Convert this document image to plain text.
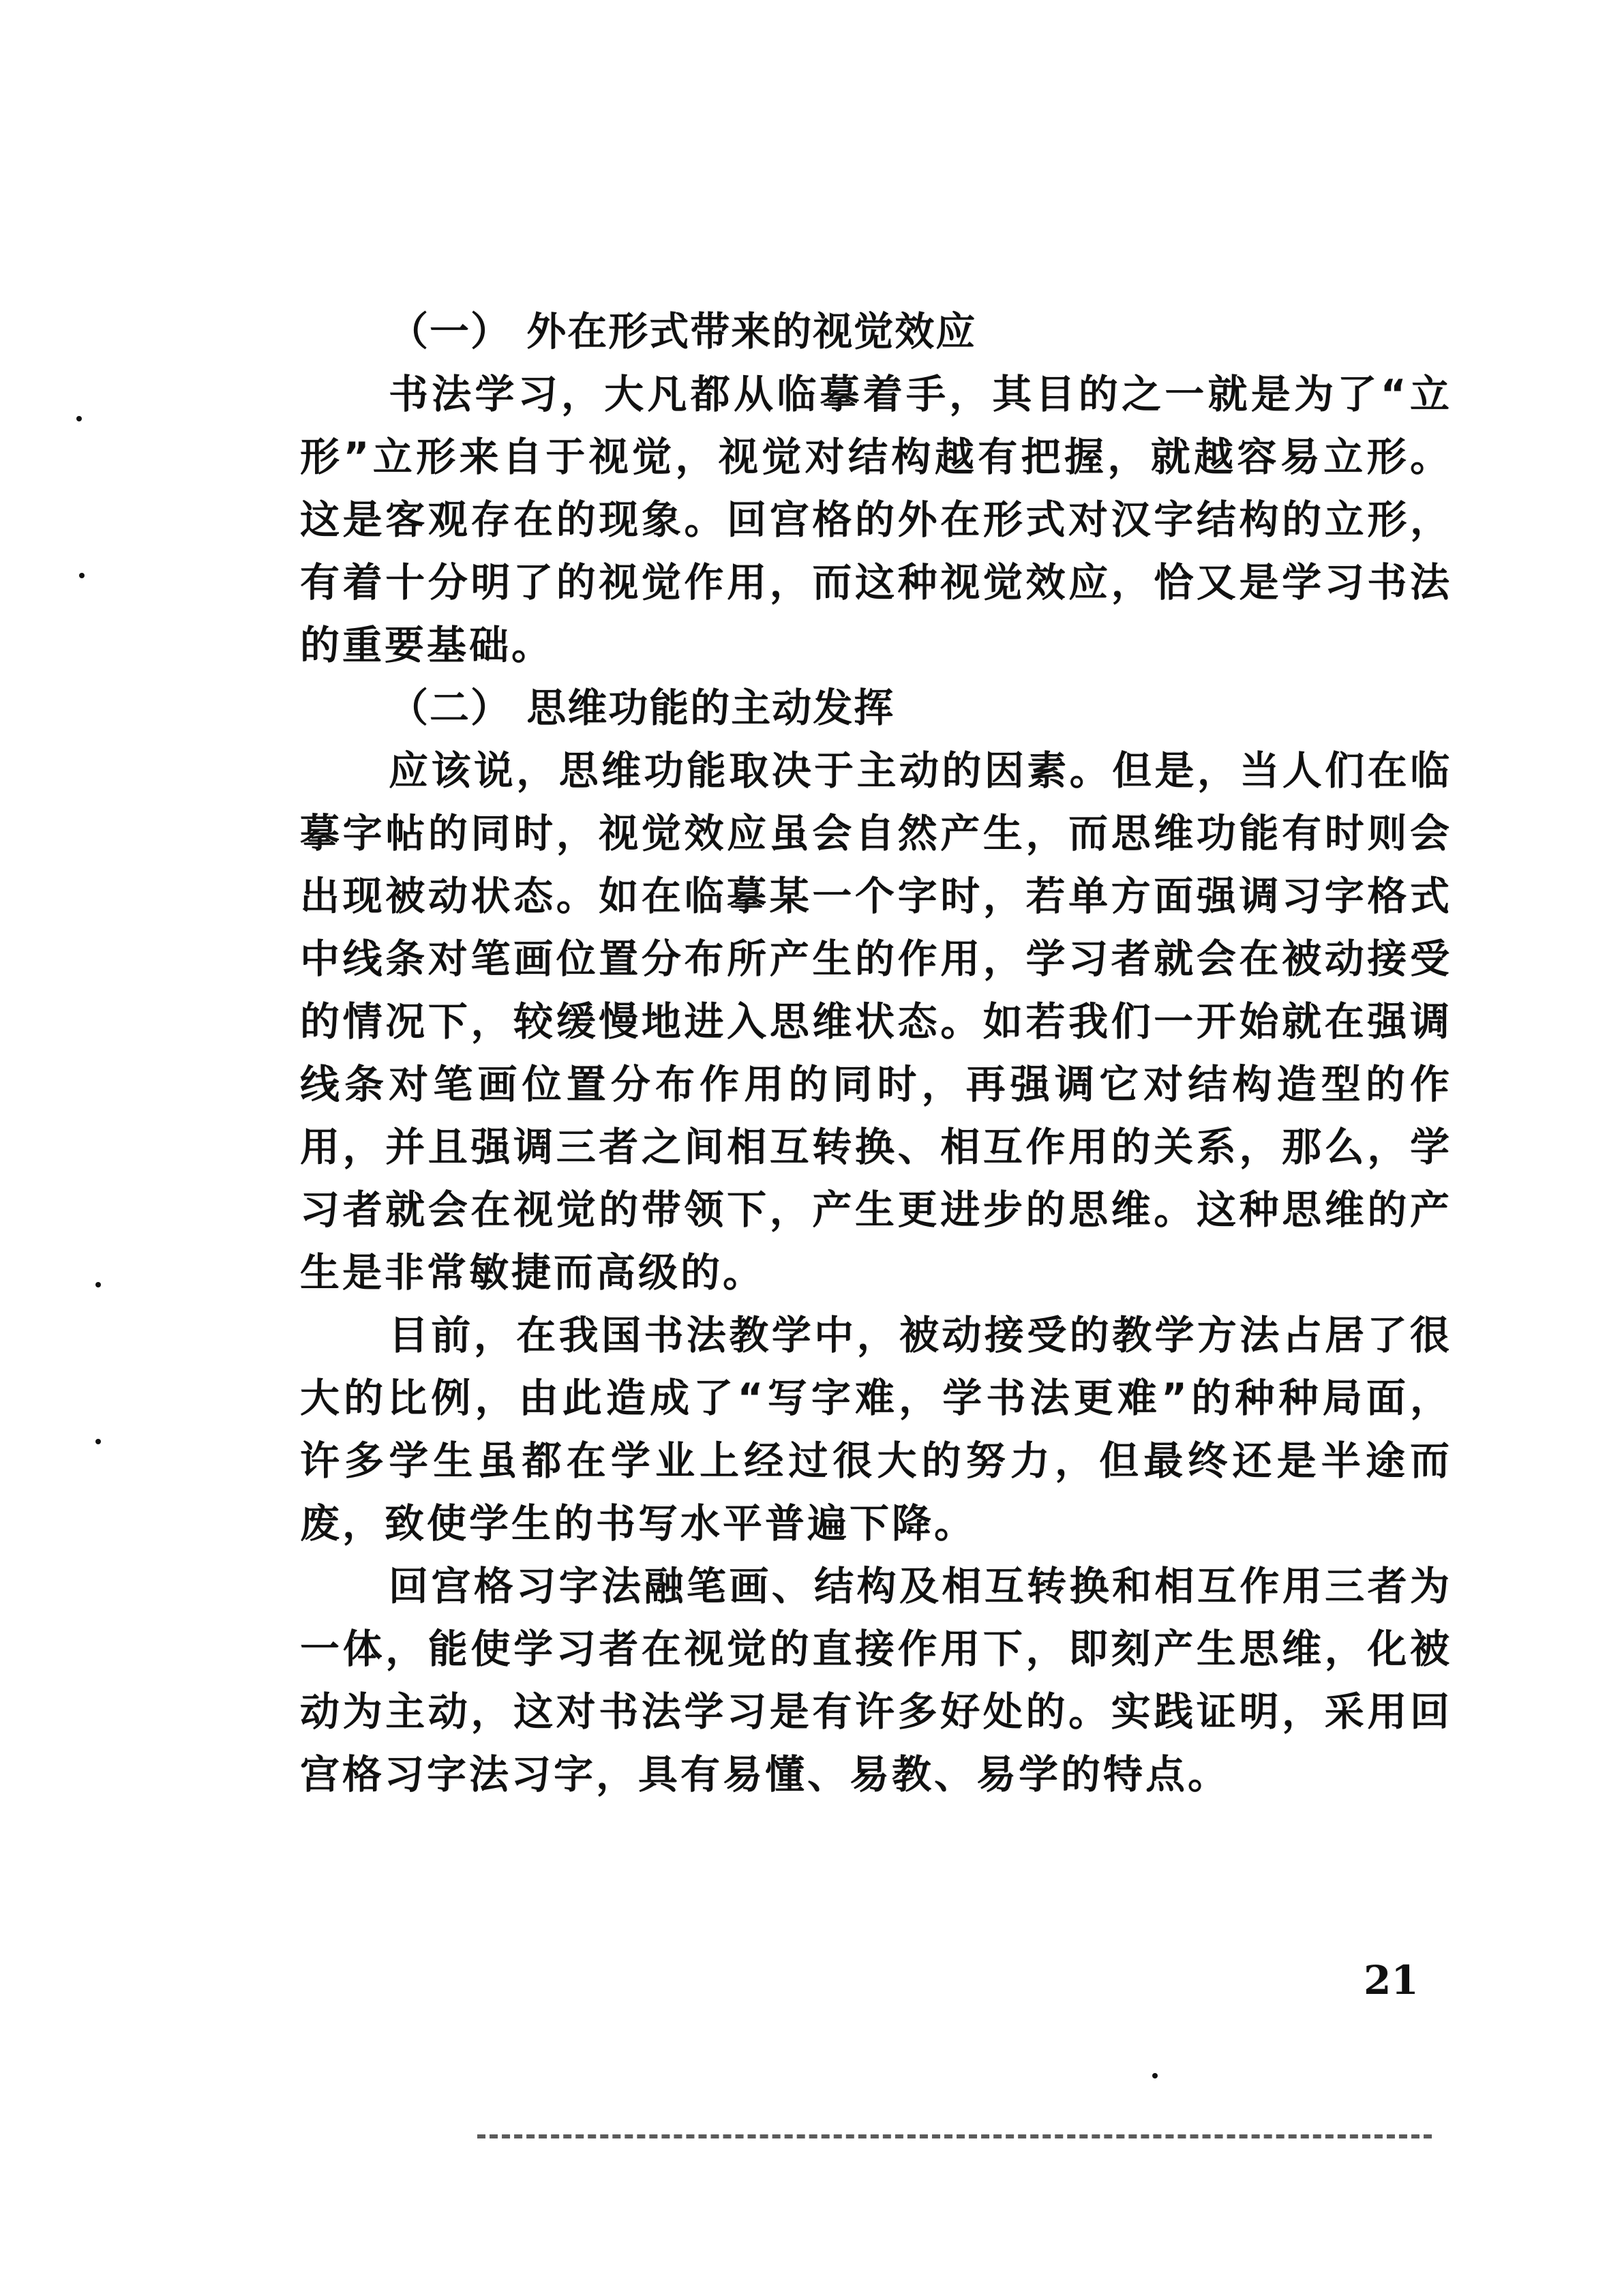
（一） 外在形式带来的视觉效应

书法学习，大凡都从临摹着手，其目的之一就是为了“立形”立形来自于视觉，视觉对结构越有把握，就越容易立形。这是客观存在的现象。回宫格的外在形式对汉字结构的立形，有着十分明了的视觉作用，而这种视觉效应，恰又是学习书法的重要基础。

（二） 思维功能的主动发挥

应该说，思维功能取决于主动的因素。但是，当人们在临摹字帖的同时，视觉效应虽会自然产生，而思维功能有时则会出现被动状态。如在临摹某一个字时，若单方面强调习字格式中线条对笔画位置分布所产生的作用，学习者就会在被动接受的情况下，较缓慢地进入思维状态。如若我们一开始就在强调线条对笔画位置分布作用的同时，再强调它对结构造型的作用，并且强调三者之间相互转换、相互作用的关系，那么，学习者就会在视觉的带领下，产生更进步的思维。这种思维的产生是非常敏捷而高级的。

目前，在我国书法教学中，被动接受的教学方法占居了很大的比例，由此造成了“写字难，学书法更难”的种种局面，许多学生虽都在学业上经过很大的努力，但最终还是半途而废，致使学生的书写水平普遍下降。

回宫格习字法融笔画、结构及相互转换和相互作用三者为一体，能使学习者在视觉的直接作用下，即刻产生思维，化被动为主动，这对书法学习是有许多好处的。实践证明，采用回宫格习字法习字，具有易懂、易教、易学的特点。

21
